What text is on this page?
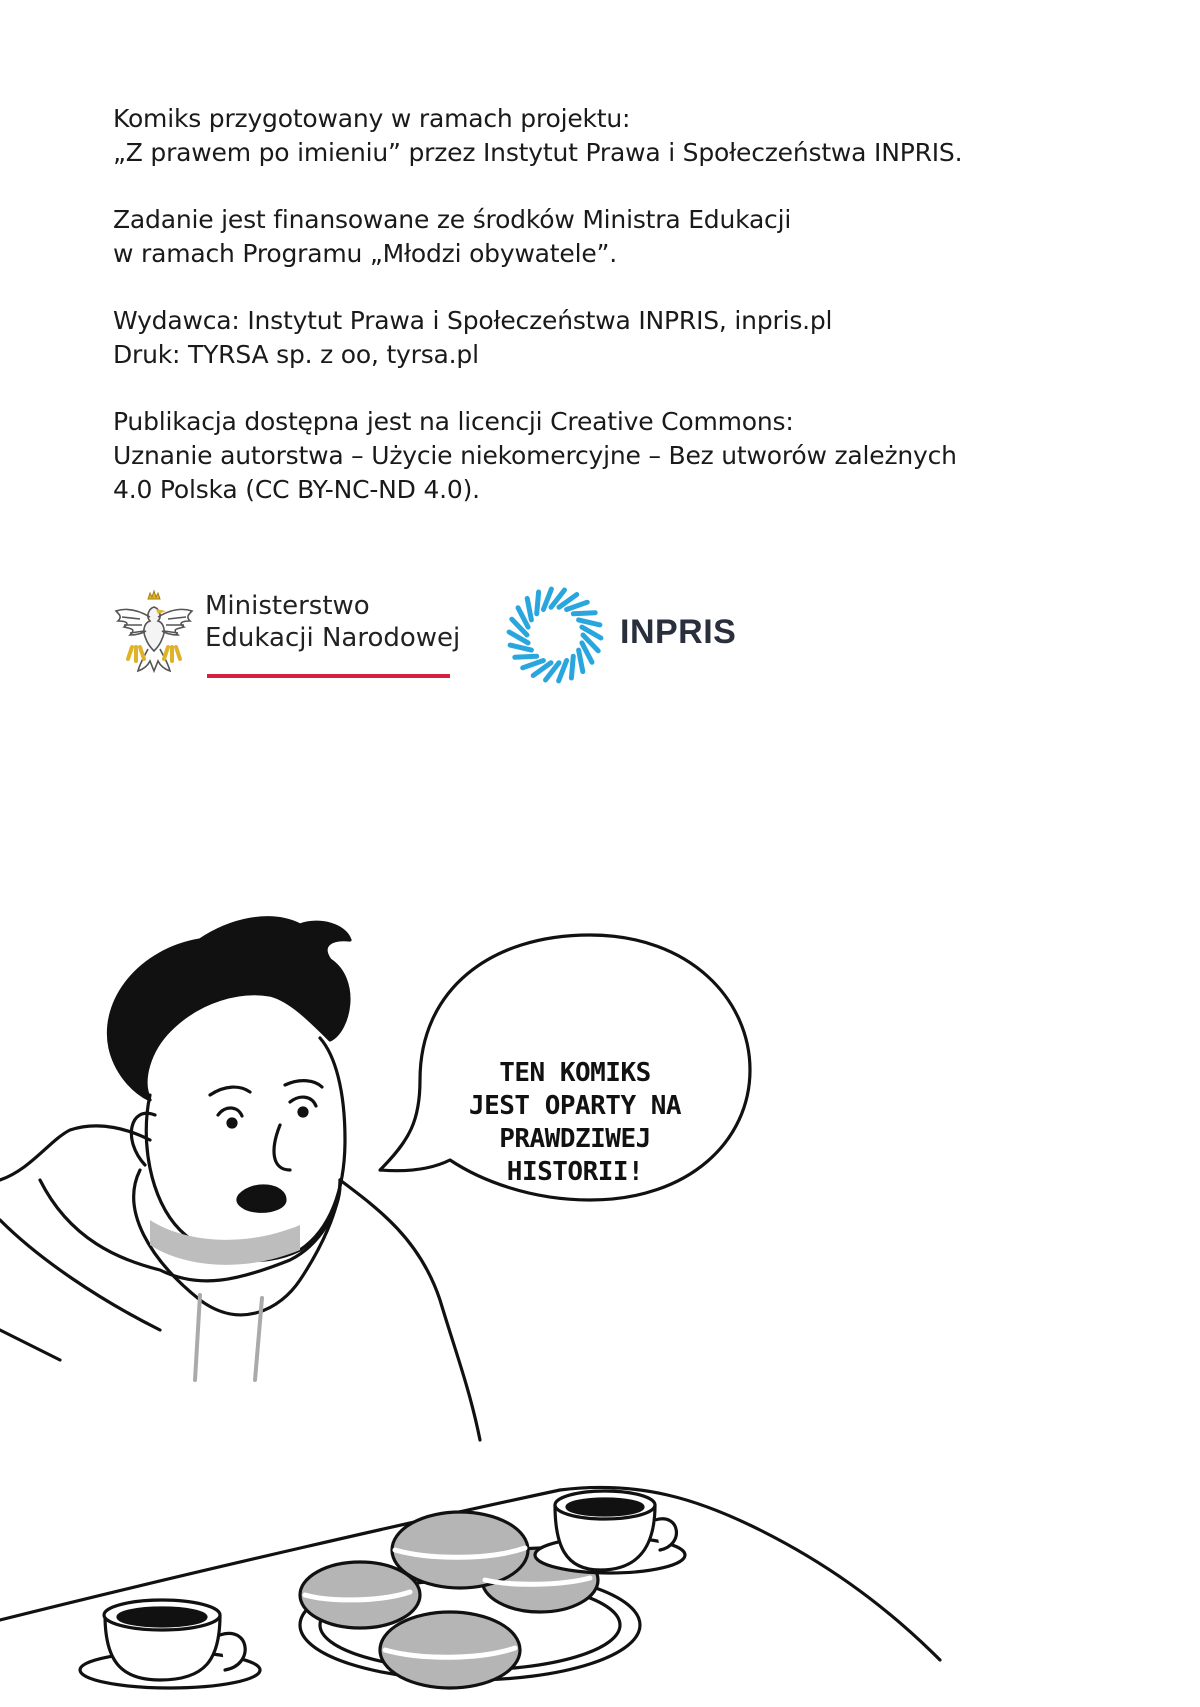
Komiks przygotowany w ramach projektu:
„Z prawem po imieniu” przez Instytut Prawa i Społeczeństwa INPRIS.

Zadanie jest finansowane ze środków Ministra Edukacji
w ramach Programu „Młodzi obywatele”.

Wydawca: Instytut Prawa i Społeczeństwa INPRIS, inpris.pl
Druk: TYRSA sp. z oo, tyrsa.pl

Publikacja dostępna jest na licencji Creative Commons:
Uznanie autorstwa – Użycie niekomercyjne – Bez utworów zależnych
4.0 Polska (CC BY-NC-ND 4.0).

Ministerstwo
Edukacji Narodowej	INPRIS
TEN KOMIKS
JEST OPARTY NA
PRAWDZIWEJ
HISTORII!
